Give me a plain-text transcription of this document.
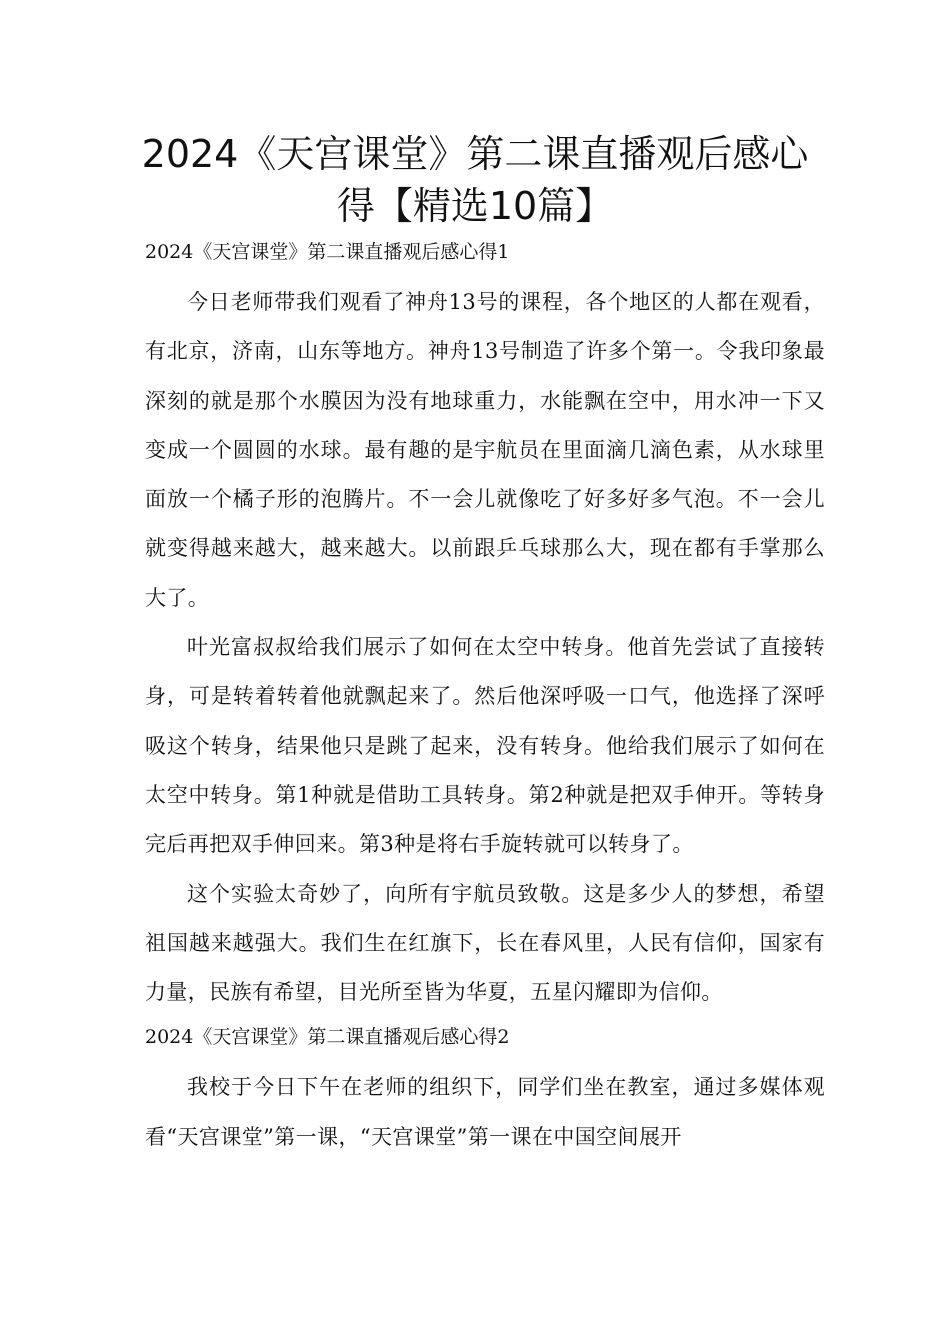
2024《天宫课堂》第二课直播观后感心
得【精选10篇】

2024《天宫课堂》第二课直播观后感心得1

今日老师带我们观看了神舟13号的课程，各个地区的人都在观看，有北京，济南，山东等地方。神舟13号制造了许多个第一。令我印象最深刻的就是那个水膜因为没有地球重力，水能飘在空中，用水冲一下又变成一个圆圆的水球。最有趣的是宇航员在里面滴几滴色素，从水球里面放一个橘子形的泡腾片。不一会儿就像吃了好多好多气泡。不一会儿就变得越来越大，越来越大。以前跟乒乓球那么大，现在都有手掌那么大了。

叶光富叔叔给我们展示了如何在太空中转身。他首先尝试了直接转身，可是转着转着他就飘起来了。然后他深呼吸一口气，他选择了深呼吸这个转身，结果他只是跳了起来，没有转身。他给我们展示了如何在太空中转身。第1种就是借助工具转身。第2种就是把双手伸开。等转身完后再把双手伸回来。第3种是将右手旋转就可以转身了。

这个实验太奇妙了，向所有宇航员致敬。这是多少人的梦想，希望祖国越来越强大。我们生在红旗下，长在春风里，人民有信仰，国家有力量，民族有希望，目光所至皆为华夏，五星闪耀即为信仰。

2024《天宫课堂》第二课直播观后感心得2

我校于今日下午在老师的组织下，同学们坐在教室，通过多媒体观看“天宫课堂”第一课，“天宫课堂”第一课在中国空间展开
